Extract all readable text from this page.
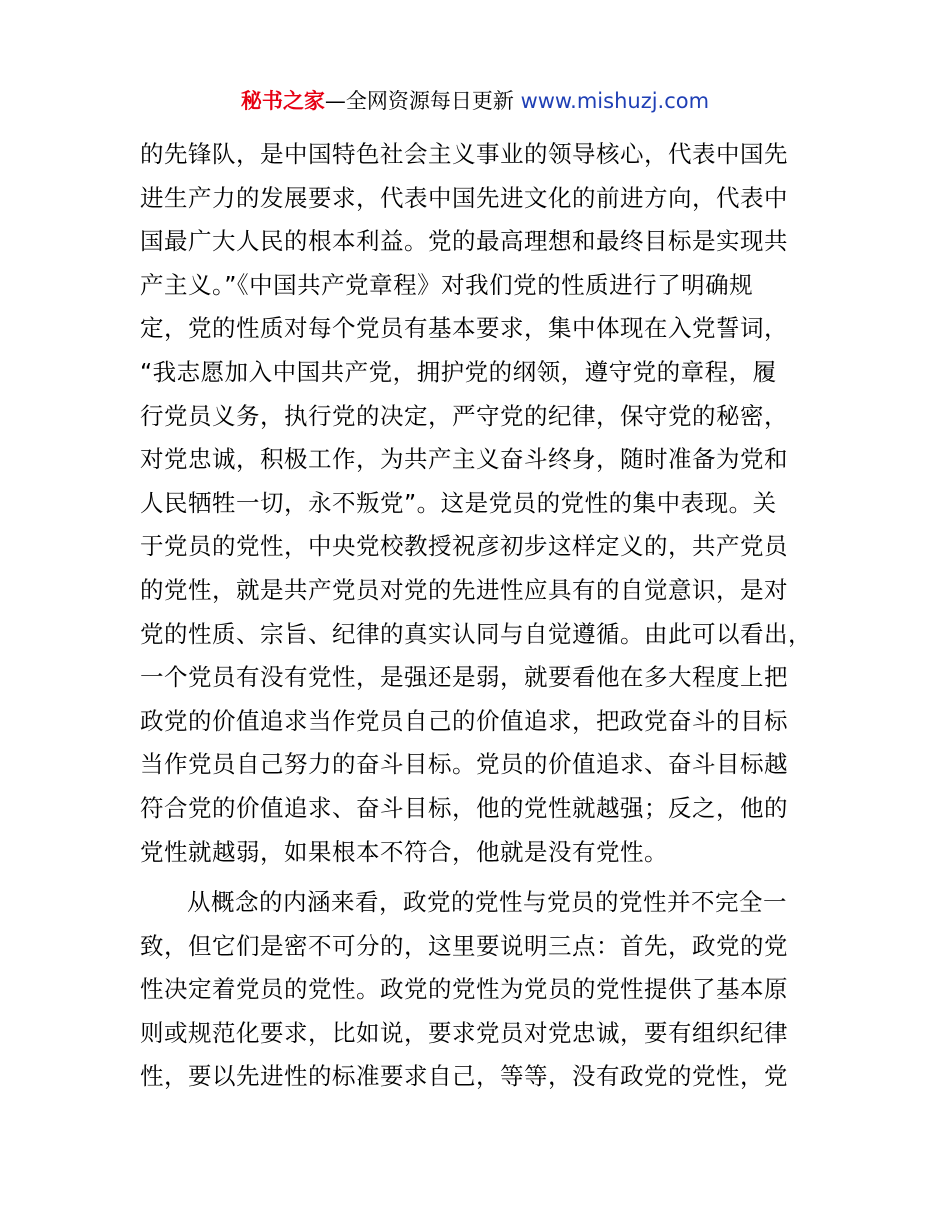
秘书之家—全网资源每日更新 www.mishuzj.com
的先锋队，是中国特色社会主义事业的领导核心，代表中国先
进生产力的发展要求，代表中国先进文化的前进方向，代表中
国最广大人民的根本利益。党的最高理想和最终目标是实现共
产主义。”《中国共产党章程》对我们党的性质进行了明确规
定，党的性质对每个党员有基本要求，集中体现在入党誓词，
“我志愿加入中国共产党，拥护党的纲领，遵守党的章程，履
行党员义务，执行党的决定，严守党的纪律，保守党的秘密，
对党忠诚，积极工作，为共产主义奋斗终身，随时准备为党和
人民牺牲一切，永不叛党”。这是党员的党性的集中表现。关
于党员的党性，中央党校教授祝彦初步这样定义的，共产党员
的党性，就是共产党员对党的先进性应具有的自觉意识，是对
党的性质、宗旨、纪律的真实认同与自觉遵循。由此可以看出，
一个党员有没有党性，是强还是弱，就要看他在多大程度上把
政党的价值追求当作党员自己的价值追求，把政党奋斗的目标
当作党员自己努力的奋斗目标。党员的价值追求、奋斗目标越
符合党的价值追求、奋斗目标，他的党性就越强；反之，他的
党性就越弱，如果根本不符合，他就是没有党性。
从概念的内涵来看，政党的党性与党员的党性并不完全一
致，但它们是密不可分的，这里要说明三点：首先，政党的党
性决定着党员的党性。政党的党性为党员的党性提供了基本原
则或规范化要求，比如说，要求党员对党忠诚，要有组织纪律
性，要以先进性的标准要求自己，等等，没有政党的党性，党
